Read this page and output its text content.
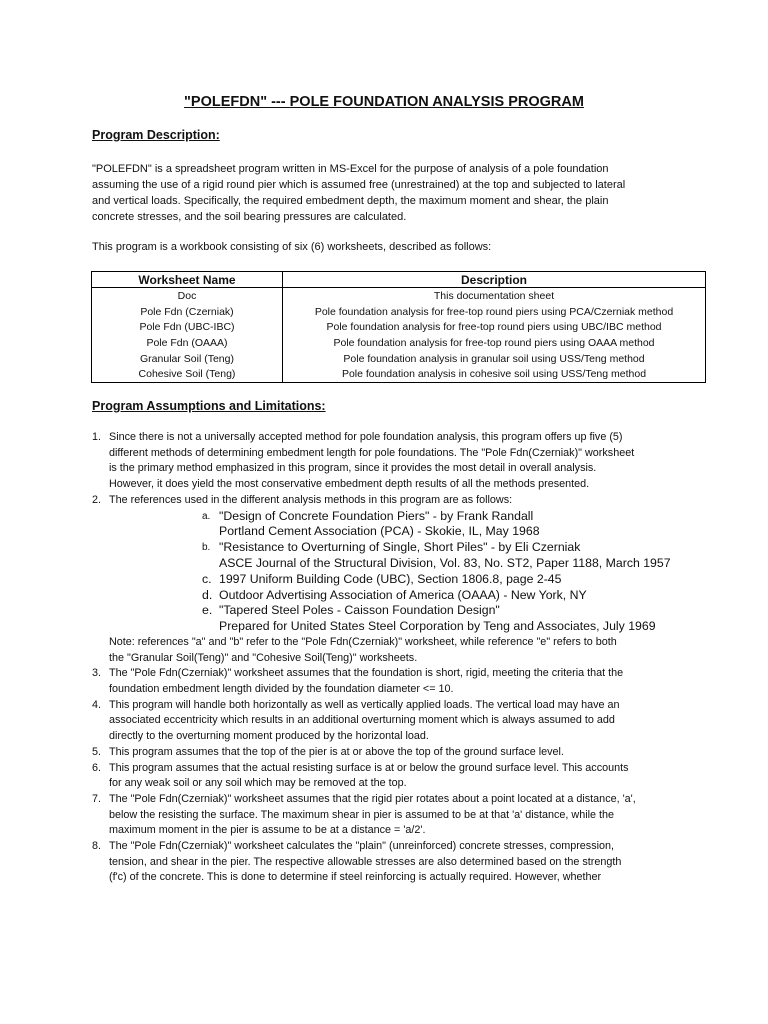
"POLEFDN" --- POLE FOUNDATION ANALYSIS PROGRAM
Program Description:
"POLEFDN" is a spreadsheet program written in MS-Excel for the purpose of analysis of a pole foundation
assuming the use of a rigid round pier which is assumed free (unrestrained) at the top and subjected to lateral
and vertical loads. Specifically, the required embedment depth, the maximum moment and shear, the plain
concrete stresses, and the soil bearing pressures are calculated.
This program is a workbook consisting of six (6) worksheets, described as follows:
Worksheet Name	Description
Doc	This documentation sheet
Pole Fdn (Czerniak)	Pole foundation analysis for free-top round piers using PCA/Czerniak method
Pole Fdn (UBC-IBC)	Pole foundation analysis for free-top round piers using UBC/IBC method
Pole Fdn (OAAA)	Pole foundation analysis for free-top round piers using OAAA method
Granular Soil (Teng)	Pole foundation analysis in granular soil using USS/Teng method
Cohesive Soil (Teng)	Pole foundation analysis in cohesive soil using USS/Teng method
Program Assumptions and Limitations:
1. Since there is not a universally accepted method for pole foundation analysis, this program offers up five (5)
different methods of determining embedment length for pole foundations. The "Pole Fdn(Czerniak)" worksheet
is the primary method emphasized in this program, since it provides the most detail in overall analysis.
However, it does yield the most conservative embedment depth results of all the methods presented.
2. The references used in the different analysis methods in this program are as follows:
a. "Design of Concrete Foundation Piers" - by Frank Randall
Portland Cement Association (PCA) - Skokie, IL, May 1968
b. "Resistance to Overturning of Single, Short Piles" - by Eli Czerniak
ASCE Journal of the Structural Division, Vol. 83, No. ST2, Paper 1188, March 1957
c. 1997 Uniform Building Code (UBC), Section 1806.8, page 2-45
d. Outdoor Advertising Association of America (OAAA) - New York, NY
e. "Tapered Steel Poles - Caisson Foundation Design"
Prepared for United States Steel Corporation by Teng and Associates, July 1969
Note: references "a" and "b" refer to the "Pole Fdn(Czerniak)" worksheet, while reference "e" refers to both
the "Granular Soil(Teng)" and "Cohesive Soil(Teng)" worksheets.
3. The "Pole Fdn(Czerniak)" worksheet assumes that the foundation is short, rigid, meeting the criteria that the
foundation embedment length divided by the foundation diameter <= 10.
4. This program will handle both horizontally as well as vertically applied loads. The vertical load may have an
associated eccentricity which results in an additional overturning moment which is always assumed to add
directly to the overturning moment produced by the horizontal load.
5. This program assumes that the top of the pier is at or above the top of the ground surface level.
6. This program assumes that the actual resisting surface is at or below the ground surface level. This accounts
for any weak soil or any soil which may be removed at the top.
7. The "Pole Fdn(Czerniak)" worksheet assumes that the rigid pier rotates about a point located at a distance, 'a',
below the resisting the surface. The maximum shear in pier is assumed to be at that 'a' distance, while the
maximum moment in the pier is assume to be at a distance = 'a/2'.
8. The "Pole Fdn(Czerniak)" worksheet calculates the "plain" (unreinforced) concrete stresses, compression,
tension, and shear in the pier. The respective allowable stresses are also determined based on the strength
(f'c) of the concrete. This is done to determine if steel reinforcing is actually required. However, whether
